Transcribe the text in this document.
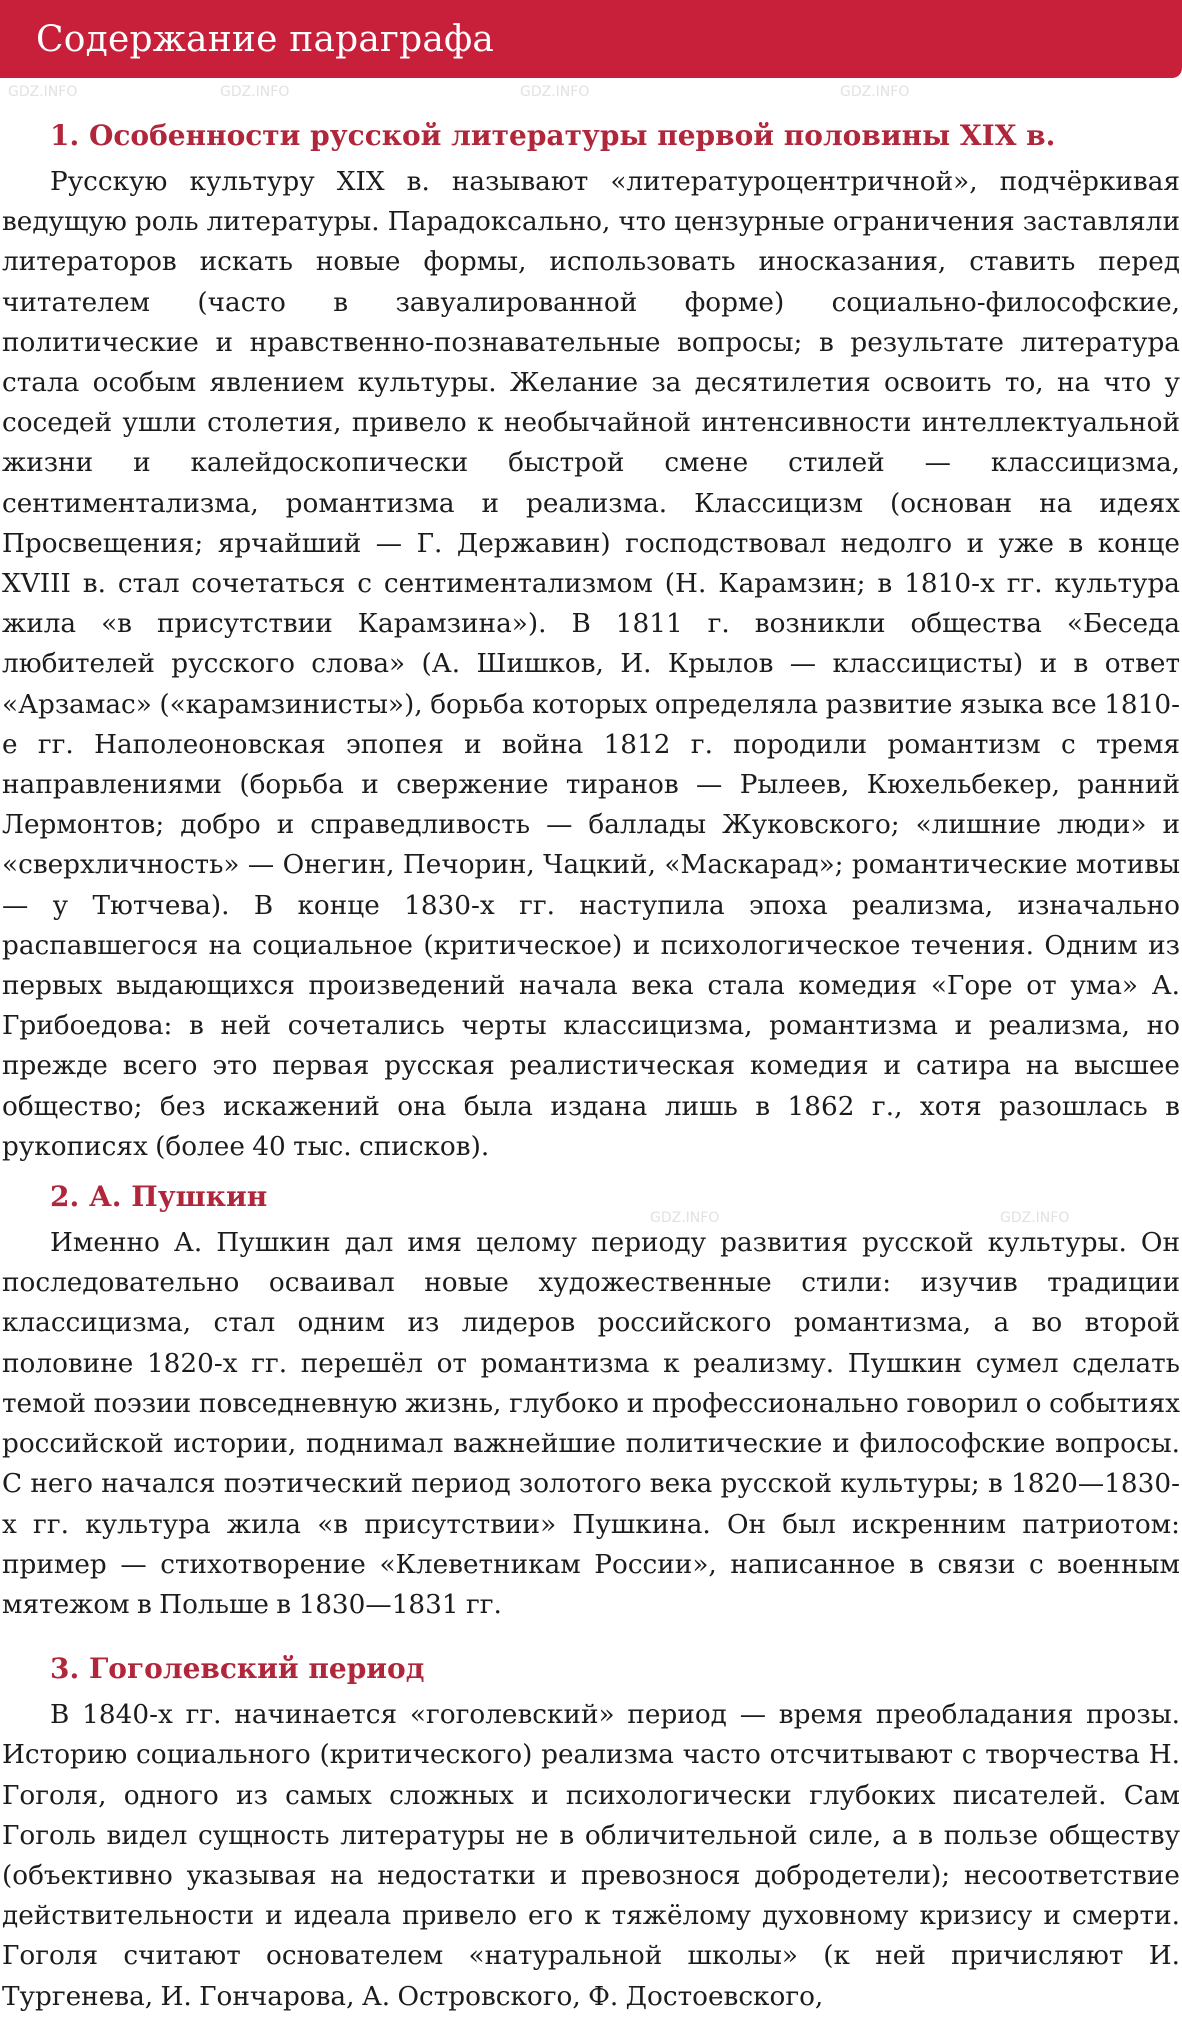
Содержание параграфа
GDZ.INFO	GDZ.INFO	GDZ.INFO	GDZ.INFO
GDZ.INFO	GDZ.INFO
1. Особенности русской литературы первой половины XIX в.

Русскую культуру XIX в. называют «литературоцентричной», подчёркивая ведущую роль литературы. Парадоксально, что цензурные ограничения заставляли литераторов искать новые формы, использовать иносказания, ставить перед читателем (часто в завуалированной форме) социально-философские, политические и нравственно-познавательные вопросы; в результате литература стала особым явлением культуры. Желание за десятилетия освоить то, на что у соседей ушли столетия, привело к необычайной интенсивности интеллектуальной жизни и калейдоскопически быстрой смене стилей — классицизма, сентиментализма, романтизма и реализма. Классицизм (основан на идеях Просвещения; ярчайший — Г. Державин) господствовал недолго и уже в конце XVIII в. стал сочетаться с сентиментализмом (Н. Карамзин; в 1810-х гг. культура жила «в присутствии Карамзина»). В 1811 г. возникли общества «Беседа любителей русского слова» (А. Шишков, И. Крылов — классицисты) и в ответ «Арзамас» («карамзинисты»), борьба которых определяла развитие языка все 1810-е гг. Наполеоновская эпопея и война 1812 г. породили романтизм с тремя направлениями (борьба и свержение тиранов — Рылеев, Кюхельбекер, ранний Лермонтов; добро и справедливость — баллады Жуковского; «лишние люди» и «сверхличность» — Онегин, Печорин, Чацкий, «Маскарад»; романтические мотивы — у Тютчева). В конце 1830-х гг. наступила эпоха реализма, изначально распавшегося на социальное (критическое) и психологическое течения. Одним из первых выдающихся произведений начала века стала комедия «Горе от ума» А. Грибоедова: в ней сочетались черты классицизма, романтизма и реализма, но прежде всего это первая русская реалистическая комедия и сатира на высшее общество; без искажений она была издана лишь в 1862 г., хотя разошлась в рукописях (более 40 тыс. списков).

2. А. Пушкин

Именно А. Пушкин дал имя целому периоду развития русской культуры. Он последовательно осваивал новые художественные стили: изучив традиции классицизма, стал одним из лидеров российского романтизма, а во второй половине 1820-х гг. перешёл от романтизма к реализму. Пушкин сумел сделать темой поэзии повседневную жизнь, глубоко и профессионально говорил о событиях российской истории, поднимал важнейшие политические и философские вопросы. С него начался поэтический период золотого века русской культуры; в 1820—1830-х гг. культура жила «в присутствии» Пушкина. Он был искренним патриотом: пример — стихотворение «Клеветникам России», написанное в связи с военным мятежом в Польше в 1830—1831 гг.

3. Гоголевский период

В 1840-х гг. начинается «гоголевский» период — время преобладания прозы. Историю социального (критического) реализма часто отсчитывают с творчества Н. Гоголя, одного из самых сложных и психологически глубоких писателей. Сам Гоголь видел сущность литературы не в обличительной силе, а в пользе обществу (объективно указывая на недостатки и превознося добродетели); несоответствие действительности и идеала привело его к тяжёлому духовному кризису и смерти. Гоголя считают основателем «натуральной школы» (к ней причисляют И. Тургенева, И. Гончарова, А. Островского, Ф. Достоевского,
